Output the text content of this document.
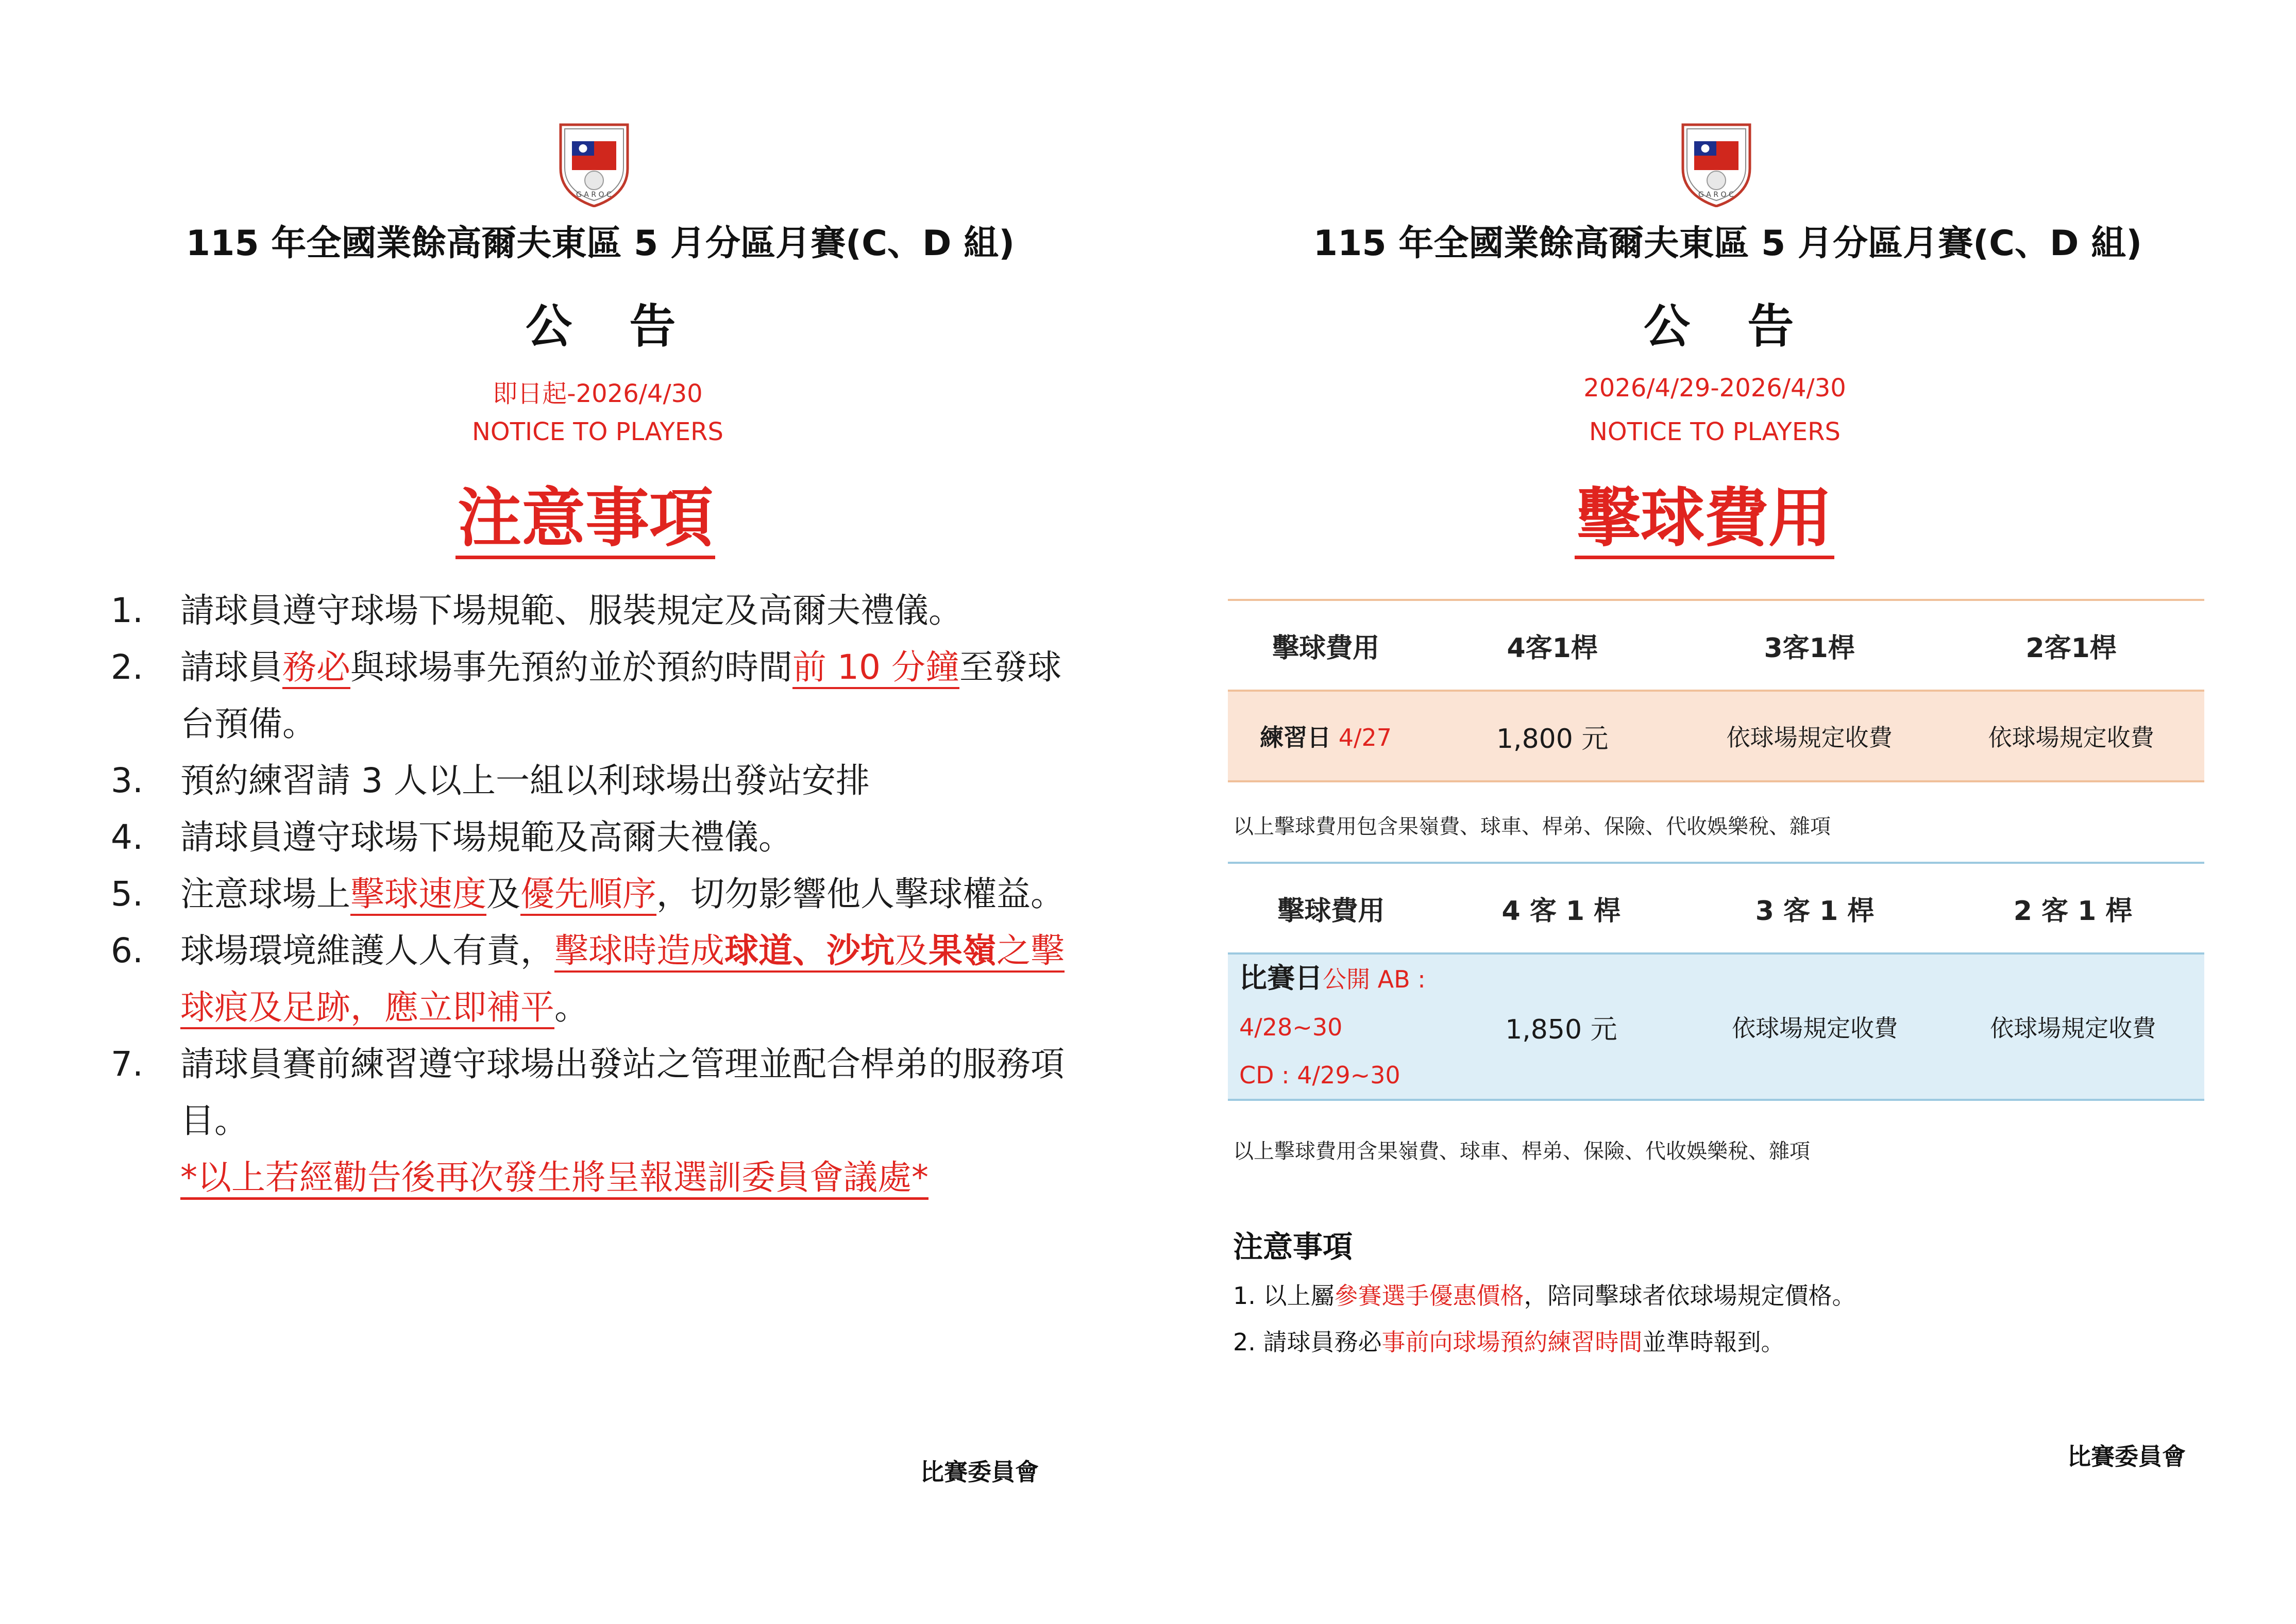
G A R O C
115 年全國業餘高爾夫東區 5 月分區月賽(C、D 組)
公 告
即日起-2026/4/30
NOTICE TO PLAYERS
注意事項
1.	請球員遵守球場下場規範、服裝規定及高爾夫禮儀。
2.	請球員務必與球場事先預約並於預約時間前 10 分鐘至發球台預備。
3.	預約練習請 3 人以上一組以利球場出發站安排
4.	請球員遵守球場下場規範及高爾夫禮儀。
5.	注意球場上擊球速度及優先順序，切勿影響他人擊球權益。
6.	球場環境維護人人有責，擊球時造成球道、沙坑及果嶺之擊球痕及足跡，應立即補平。
7.	請球員賽前練習遵守球場出發站之管理並配合桿弟的服務項目。
*以上若經勸告後再次發生將呈報選訓委員會議處*
比賽委員會
G A R O C
115 年全國業餘高爾夫東區 5 月分區月賽(C、D 組)
公 告
2026/4/29-2026/4/30
NOTICE TO PLAYERS
擊球費用
擊球費用	4客1桿	3客1桿	2客1桿
練習日 4/27	1,800 元	依球場規定收費	依球場規定收費
以上擊球費用包含果嶺費、球車、桿弟、保險、代收娛樂稅、雜項
擊球費用	4 客 1 桿	3 客 1 桿	2 客 1 桿
比賽日公開 AB : 4/28~30
CD : 4/29~30	1,850 元	依球場規定收費	依球場規定收費
以上擊球費用含果嶺費、球車、桿弟、保險、代收娛樂稅、雜項
注意事項
1. 以上屬參賽選手優惠價格，陪同擊球者依球場規定價格。
2. 請球員務必事前向球場預約練習時間並準時報到。
比賽委員會
